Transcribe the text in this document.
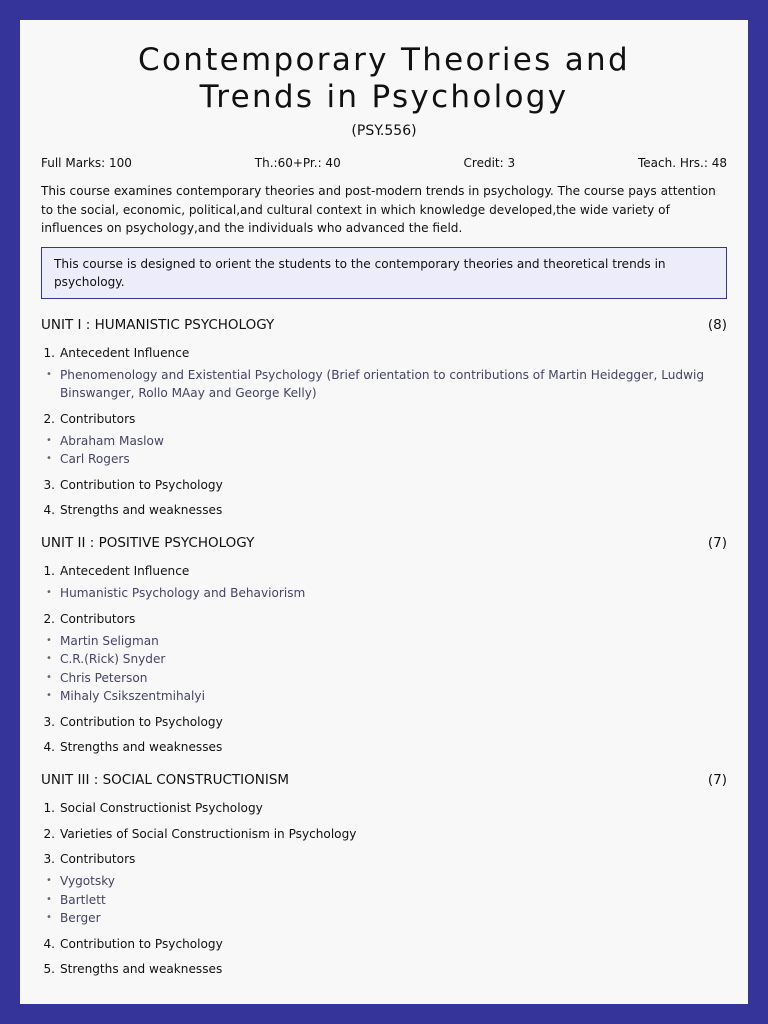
Contemporary Theories and
Trends in Psychology
(PSY.556)
Full Marks: 100	Th.:60+Pr.: 40	Credit: 3	Teach. Hrs.: 48
This course examines contemporary theories and post-modern trends in psychology. The course pays attention to the social, economic, political,and cultural context in which knowledge developed,the wide variety of influences on psychology,and the individuals who advanced the field.
This course is designed to orient the students to the contemporary theories and theoretical trends in psychology.
UNIT I : HUMANISTIC PSYCHOLOGY	(8)
1. Antecedent Influence
• Phenomenology and Existential Psychology (Brief orientation to contributions of Martin Heidegger, Ludwig Binswanger, Rollo MAay and George Kelly)
2. Contributors
• Abraham Maslow
• Carl Rogers
3. Contribution to Psychology
4. Strengths and weaknesses
UNIT II : POSITIVE PSYCHOLOGY	(7)
1. Antecedent Influence
• Humanistic Psychology and Behaviorism
2. Contributors
• Martin Seligman
• C.R.(Rick) Snyder
• Chris Peterson
• Mihaly Csikszentmihalyi
3. Contribution to Psychology
4. Strengths and weaknesses
UNIT III : SOCIAL CONSTRUCTIONISM	(7)
1. Social Constructionist Psychology
2. Varieties of Social Constructionism in Psychology
3. Contributors
• Vygotsky
• Bartlett
• Berger
4. Contribution to Psychology
5. Strengths and weaknesses
